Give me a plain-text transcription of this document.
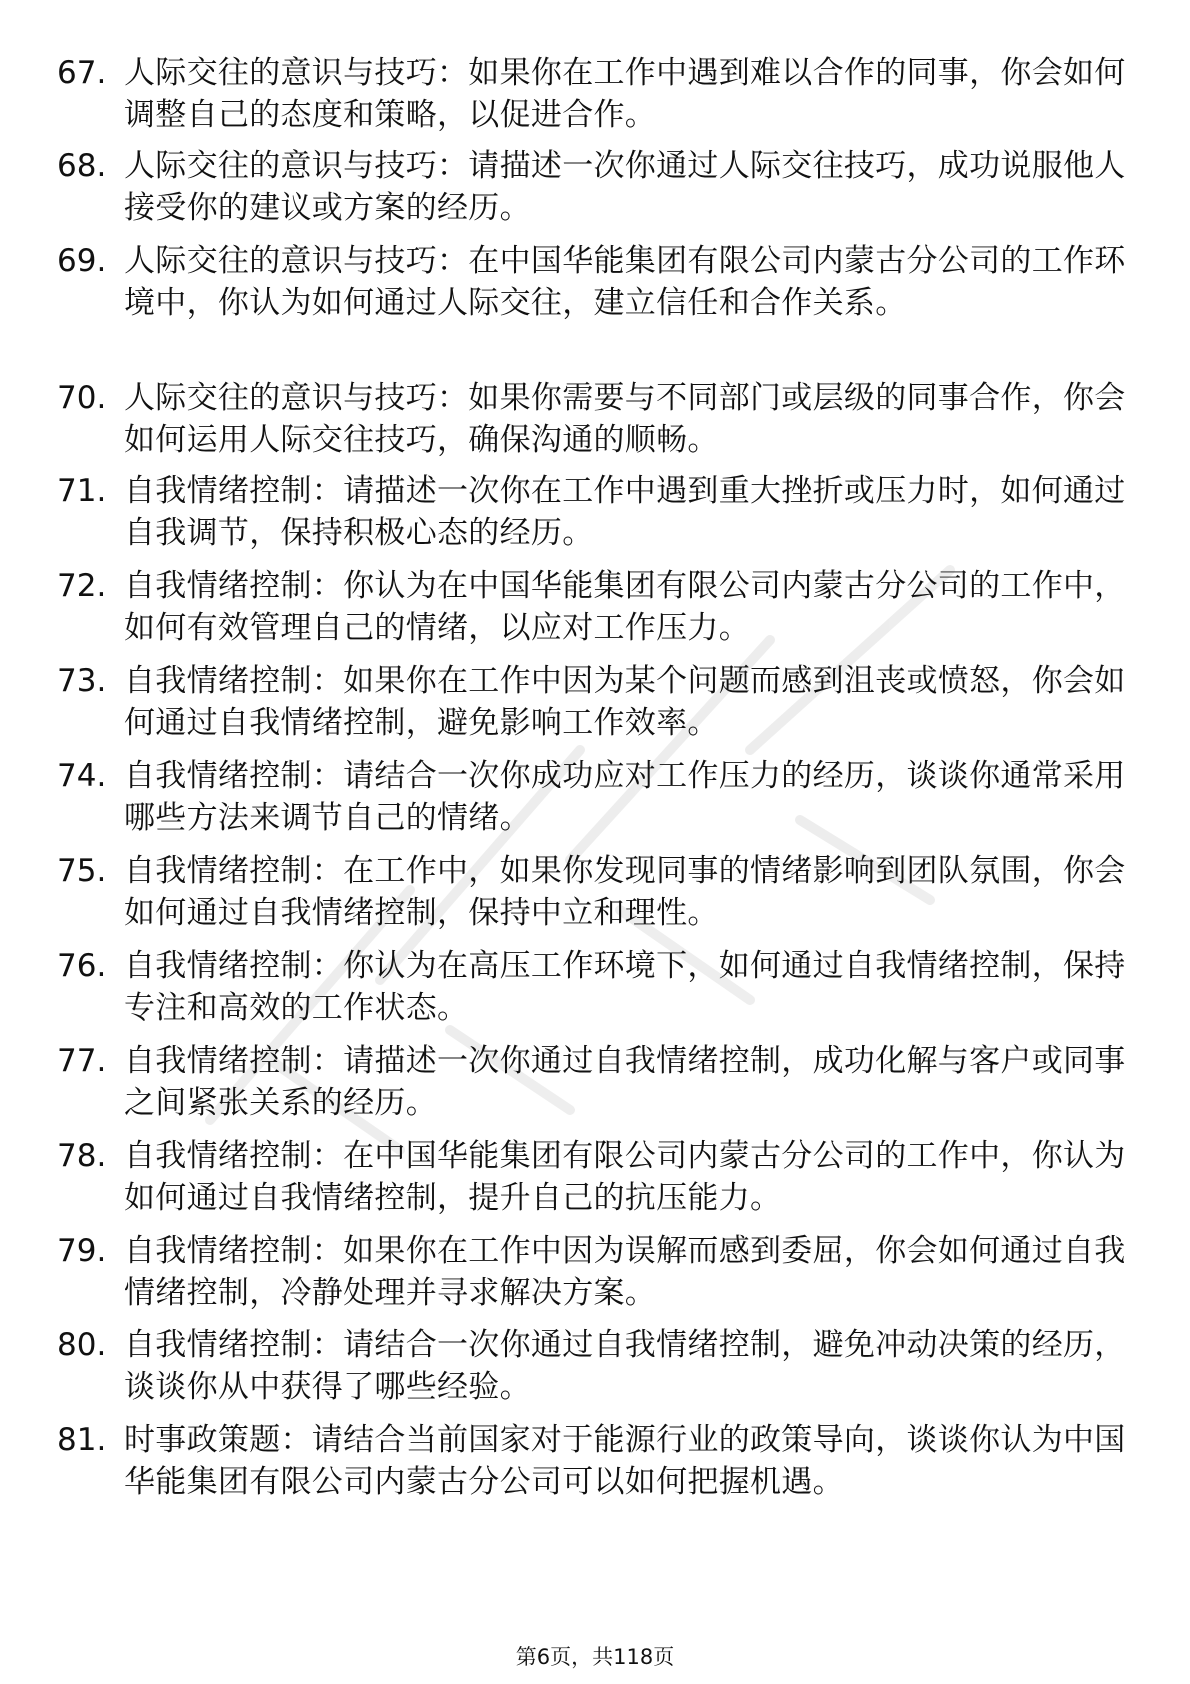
67. 人际交往的意识与技巧：如果你在工作中遇到难以合作的同事，你会如何调整自己的态度和策略，以促进合作。
68. 人际交往的意识与技巧：请描述一次你通过人际交往技巧，成功说服他人接受你的建议或方案的经历。
69. 人际交往的意识与技巧：在中国华能集团有限公司内蒙古分公司的工作环境中，你认为如何通过人际交往，建立信任和合作关系。
70. 人际交往的意识与技巧：如果你需要与不同部门或层级的同事合作，你会如何运用人际交往技巧，确保沟通的顺畅。
71. 自我情绪控制：请描述一次你在工作中遇到重大挫折或压力时，如何通过自我调节，保持积极心态的经历。
72. 自我情绪控制：你认为在中国华能集团有限公司内蒙古分公司的工作中，如何有效管理自己的情绪，以应对工作压力。
73. 自我情绪控制：如果你在工作中因为某个问题而感到沮丧或愤怒，你会如何通过自我情绪控制，避免影响工作效率。
74. 自我情绪控制：请结合一次你成功应对工作压力的经历，谈谈你通常采用哪些方法来调节自己的情绪。
75. 自我情绪控制：在工作中，如果你发现同事的情绪影响到团队氛围，你会如何通过自我情绪控制，保持中立和理性。
76. 自我情绪控制：你认为在高压工作环境下，如何通过自我情绪控制，保持专注和高效的工作状态。
77. 自我情绪控制：请描述一次你通过自我情绪控制，成功化解与客户或同事之间紧张关系的经历。
78. 自我情绪控制：在中国华能集团有限公司内蒙古分公司的工作中，你认为如何通过自我情绪控制，提升自己的抗压能力。
79. 自我情绪控制：如果你在工作中因为误解而感到委屈，你会如何通过自我情绪控制，冷静处理并寻求解决方案。
80. 自我情绪控制：请结合一次你通过自我情绪控制，避免冲动决策的经历，谈谈你从中获得了哪些经验。
81. 时事政策题：请结合当前国家对于能源行业的政策导向，谈谈你认为中国华能集团有限公司内蒙古分公司可以如何把握机遇。
第6页，共118页
